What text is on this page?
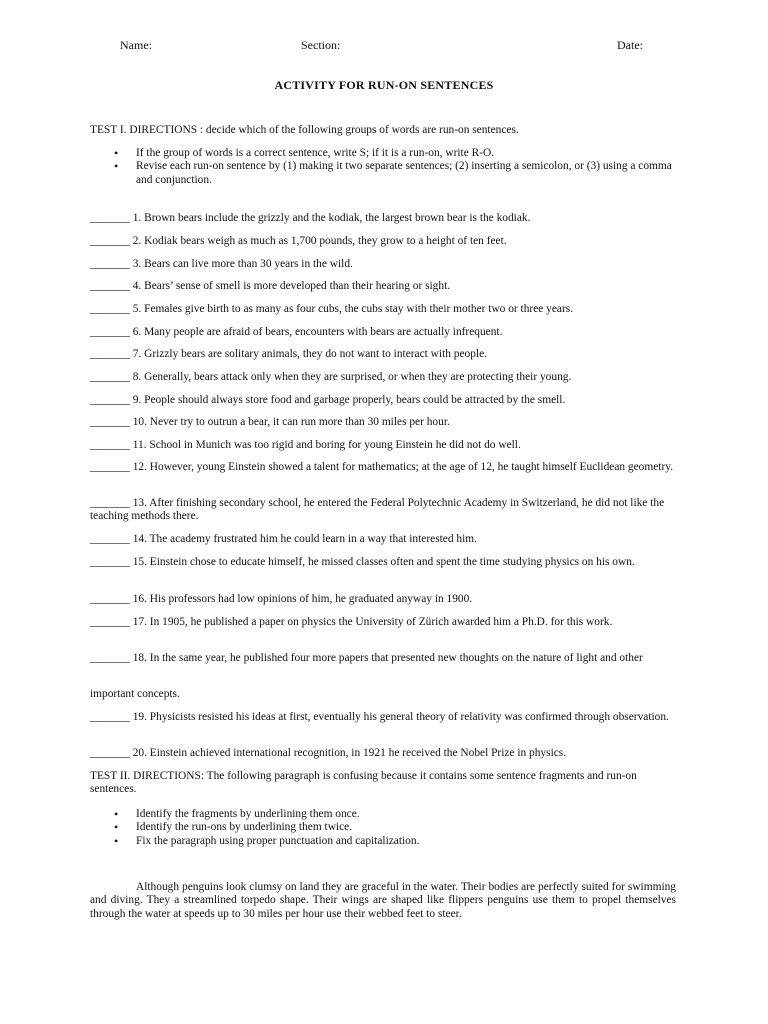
Name:	Section:	Date:
ACTIVITY FOR RUN-ON SENTENCES
TEST I. DIRECTIONS : decide which of the following groups of words are run-on sentences.
• If the group of words is a correct sentence, write S; if it is a run-on, write R-O.
• Revise each run-on sentence by (1) making it two separate sentences; (2) inserting a semicolon, or (3) using a comma and conjunction.
_______ 1. Brown bears include the grizzly and the kodiak, the largest brown bear is the kodiak.
_______ 2. Kodiak bears weigh as much as 1,700 pounds, they grow to a height of ten feet.
_______ 3. Bears can live more than 30 years in the wild.
_______ 4. Bears’ sense of smell is more developed than their hearing or sight.
_______ 5. Females give birth to as many as four cubs, the cubs stay with their mother two or three years.
_______ 6. Many people are afraid of bears, encounters with bears are actually infrequent.
_______ 7. Grizzly bears are solitary animals, they do not want to interact with people.
_______ 8. Generally, bears attack only when they are surprised, or when they are protecting their young.
_______ 9. People should always store food and garbage properly, bears could be attracted by the smell.
_______ 10. Never try to outrun a bear, it can run more than 30 miles per hour.
_______ 11. School in Munich was too rigid and boring for young Einstein he did not do well.
_______ 12. However, young Einstein showed a talent for mathematics; at the age of 12, he taught himself Euclidean geometry.
_______ 13. After finishing secondary school, he entered the Federal Polytechnic Academy in Switzerland, he did not like the teaching methods there.
_______ 14. The academy frustrated him he could learn in a way that interested him.
_______ 15. Einstein chose to educate himself, he missed classes often and spent the time studying physics on his own.
_______ 16. His professors had low opinions of him, he graduated anyway in 1900.
_______ 17. In 1905, he published a paper on physics the University of Zürich awarded him a Ph.D. for this work.
_______ 18. In the same year, he published four more papers that presented new thoughts on the nature of light and other
important concepts.
_______ 19. Physicists resisted his ideas at first, eventually his general theory of relativity was confirmed through observation.
_______ 20. Einstein achieved international recognition, in 1921 he received the Nobel Prize in physics.
TEST II. DIRECTIONS: The following paragraph is confusing because it contains some sentence fragments and run-on sentences.
• Identify the fragments by underlining them once.
• Identify the run-ons by underlining them twice.
• Fix the paragraph using proper punctuation and capitalization.
Although penguins look clumsy on land they are graceful in the water. Their bodies are perfectly suited for swimming and diving. They a streamlined torpedo shape. Their wings are shaped like flippers penguins use them to propel themselves through the water at speeds up to 30 miles per hour use their webbed feet to steer.
